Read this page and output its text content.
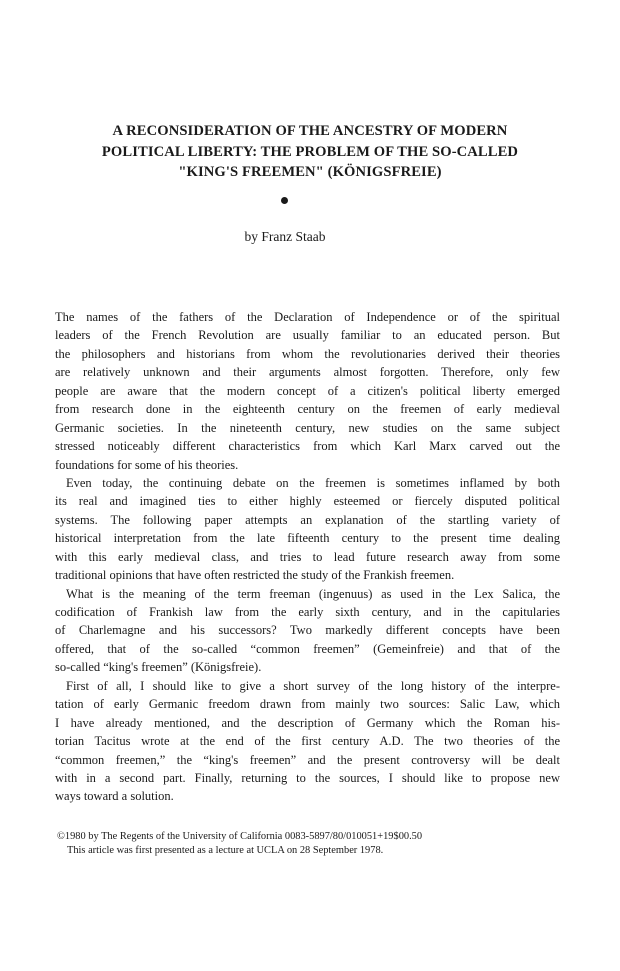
A RECONSIDERATION OF THE ANCESTRY OF MODERN
POLITICAL LIBERTY: THE PROBLEM OF THE SO-CALLED
"KING'S FREEMEN" (KÖNIGSFREIE)
by Franz Staab
The names of the fathers of the Declaration of Independence or of the spiritual
leaders of the French Revolution are usually familiar to an educated person. But
the philosophers and historians from whom the revolutionaries derived their theories
are relatively unknown and their arguments almost forgotten. Therefore, only few
people are aware that the modern concept of a citizen's political liberty emerged
from research done in the eighteenth century on the freemen of early medieval
Germanic societies. In the nineteenth century, new studies on the same subject
stressed noticeably different characteristics from which Karl Marx carved out the
foundations for some of his theories.
Even today, the continuing debate on the freemen is sometimes inflamed by both
its real and imagined ties to either highly esteemed or fiercely disputed political
systems. The following paper attempts an explanation of the startling variety of
historical interpretation from the late fifteenth century to the present time dealing
with this early medieval class, and tries to lead future research away from some
traditional opinions that have often restricted the study of the Frankish freemen.
What is the meaning of the term freeman (ingenuus) as used in the Lex Salica, the
codification of Frankish law from the early sixth century, and in the capitularies
of Charlemagne and his successors? Two markedly different concepts have been
offered, that of the so-called “common freemen” (Gemeinfreie) and that of the
so-called “king's freemen” (Königsfreie).
First of all, I should like to give a short survey of the long history of the interpre-
tation of early Germanic freedom drawn from mainly two sources: Salic Law, which
I have already mentioned, and the description of Germany which the Roman his-
torian Tacitus wrote at the end of the first century A.D. The two theories of the
“common freemen,” the “king's freemen” and the present controversy will be dealt
with in a second part. Finally, returning to the sources, I should like to propose new
ways toward a solution.
©1980 by The Regents of the University of California 0083-5897/80/010051+19$00.50
This article was first presented as a lecture at UCLA on 28 September 1978.
